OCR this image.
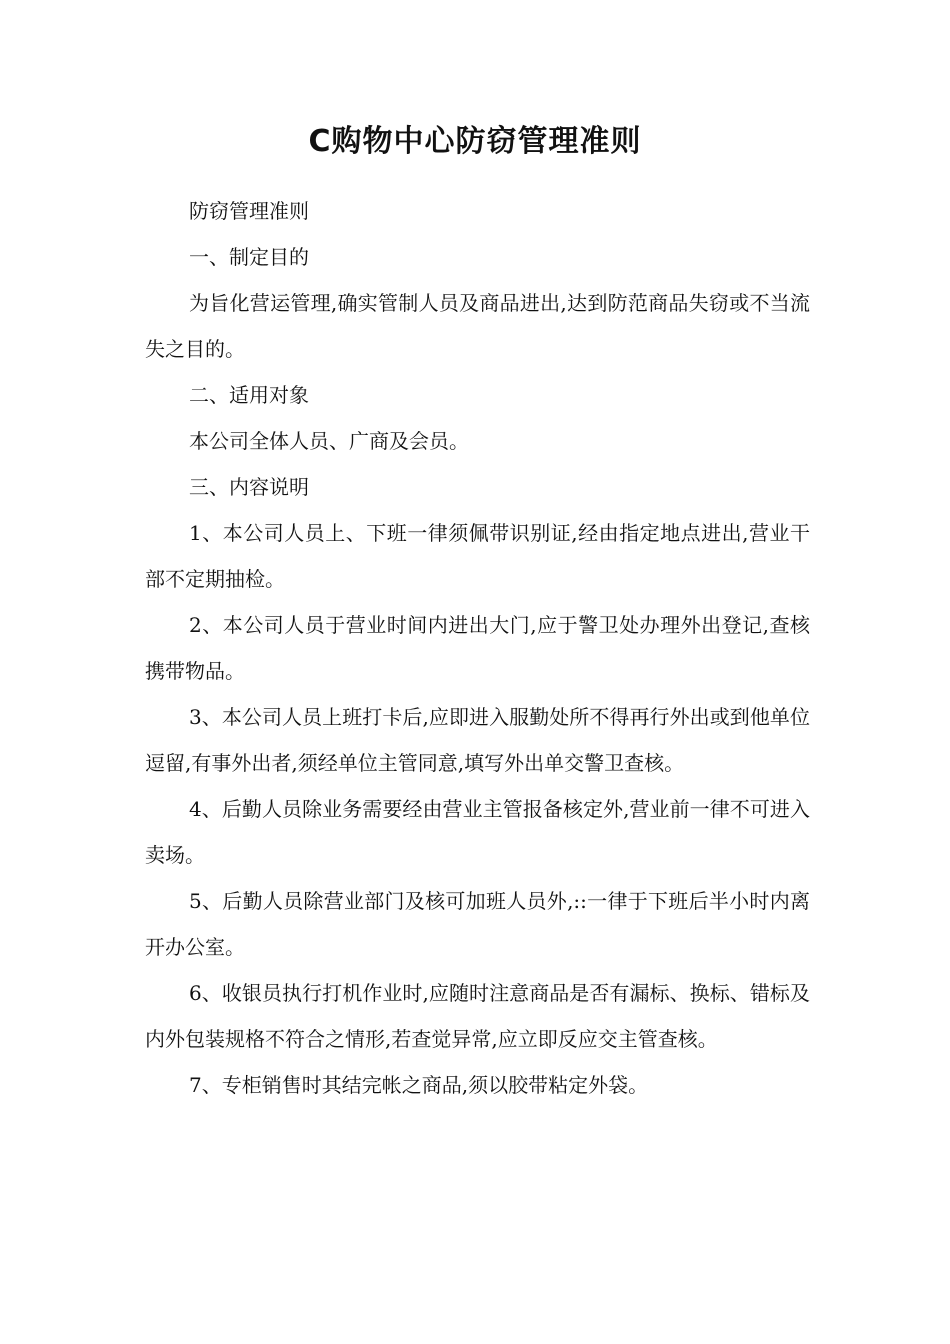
C购物中心防窃管理准则

防窃管理准则

一、制定目的

为旨化营运管理,确实管制人员及商品进出,达到防范商品失窃或不当流失之目的。

二、适用对象

本公司全体人员、广商及会员。

三、内容说明

1、本公司人员上、下班一律须佩带识别证,经由指定地点进出,营业干部不定期抽检。

2、本公司人员于营业时间内进出大门,应于警卫处办理外出登记,查核携带物品。

3、本公司人员上班打卡后,应即进入服勤处所不得再行外出或到他单位逗留,有事外出者,须经单位主管同意,填写外出单交警卫查核。

4、后勤人员除业务需要经由营业主管报备核定外,营业前一律不可进入卖场。

5、后勤人员除营业部门及核可加班人员外,::一律于下班后半小时内离开办公室。

6、收银员执行打机作业时,应随时注意商品是否有漏标、换标、错标及内外包装规格不符合之情形,若查觉异常,应立即反应交主管查核。

7、专柜销售时其结完帐之商品,须以胶带粘定外袋。
